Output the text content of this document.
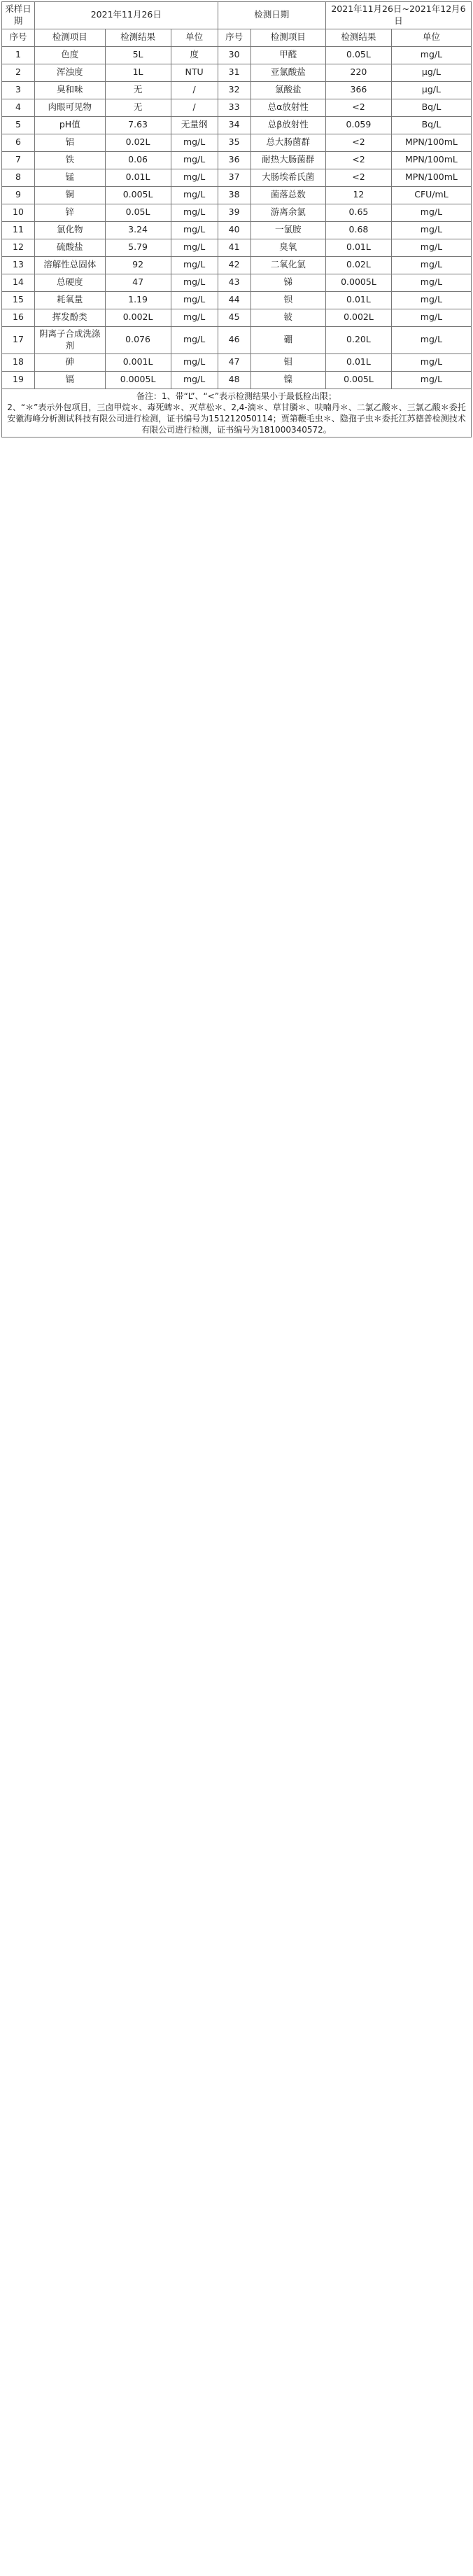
采样日期	2021年11月26日			检测日期		2021年11月26日~2021年12月6日	
序号	检测项目	检测结果	单位	序号	检测项目	检测结果	单位
1	色度	5L	度	30	甲醛	0.05L	mg/L
2	浑浊度	1L	NTU	31	亚氯酸盐	220	μg/L
3	臭和味	无	/	32	氯酸盐	366	μg/L
4	肉眼可见物	无	/	33	总α放射性	<2	Bq/L
5	pH值	7.63	无量纲	34	总β放射性	0.059	Bq/L
6	铝	0.02L	mg/L	35	总大肠菌群	<2	MPN/100mL
7	铁	0.06	mg/L	36	耐热大肠菌群	<2	MPN/100mL
8	锰	0.01L	mg/L	37	大肠埃希氏菌	<2	MPN/100mL
9	铜	0.005L	mg/L	38	菌落总数	12	CFU/mL
10	锌	0.05L	mg/L	39	游离余氯	0.65	mg/L
11	氯化物	3.24	mg/L	40	一氯胺	0.68	mg/L
12	硫酸盐	5.79	mg/L	41	臭氧	0.01L	mg/L
13	溶解性总固体	92	mg/L	42	二氧化氯	0.02L	mg/L
14	总硬度	47	mg/L	43	锑	0.0005L	mg/L
15	耗氧量	1.19	mg/L	44	钡	0.01L	mg/L
16	挥发酚类	0.002L	mg/L	45	铍	0.002L	mg/L
17	阴离子合成洗涤剂	0.076	mg/L	46	硼	0.20L	mg/L
18	砷	0.001L	mg/L	47	钼	0.01L	mg/L
19	镉	0.0005L	mg/L	48	镍	0.005L	mg/L

备注：1、带“L”、“<”表示检测结果小于最低检出限；
2、“＊”表示外包项目，三卤甲烷＊、毒死蜱＊、灭草松＊、2,4-滴＊、草甘膦＊、呋喃丹＊、二氯乙酸＊、三氯乙酸＊委托安徽海峰分析测试科技有限公司进行检测，证书编号为151212050114；贾第鞭毛虫＊、隐孢子虫＊委托江苏德普检测技术有限公司进行检测，证书编号为181000340572。							
